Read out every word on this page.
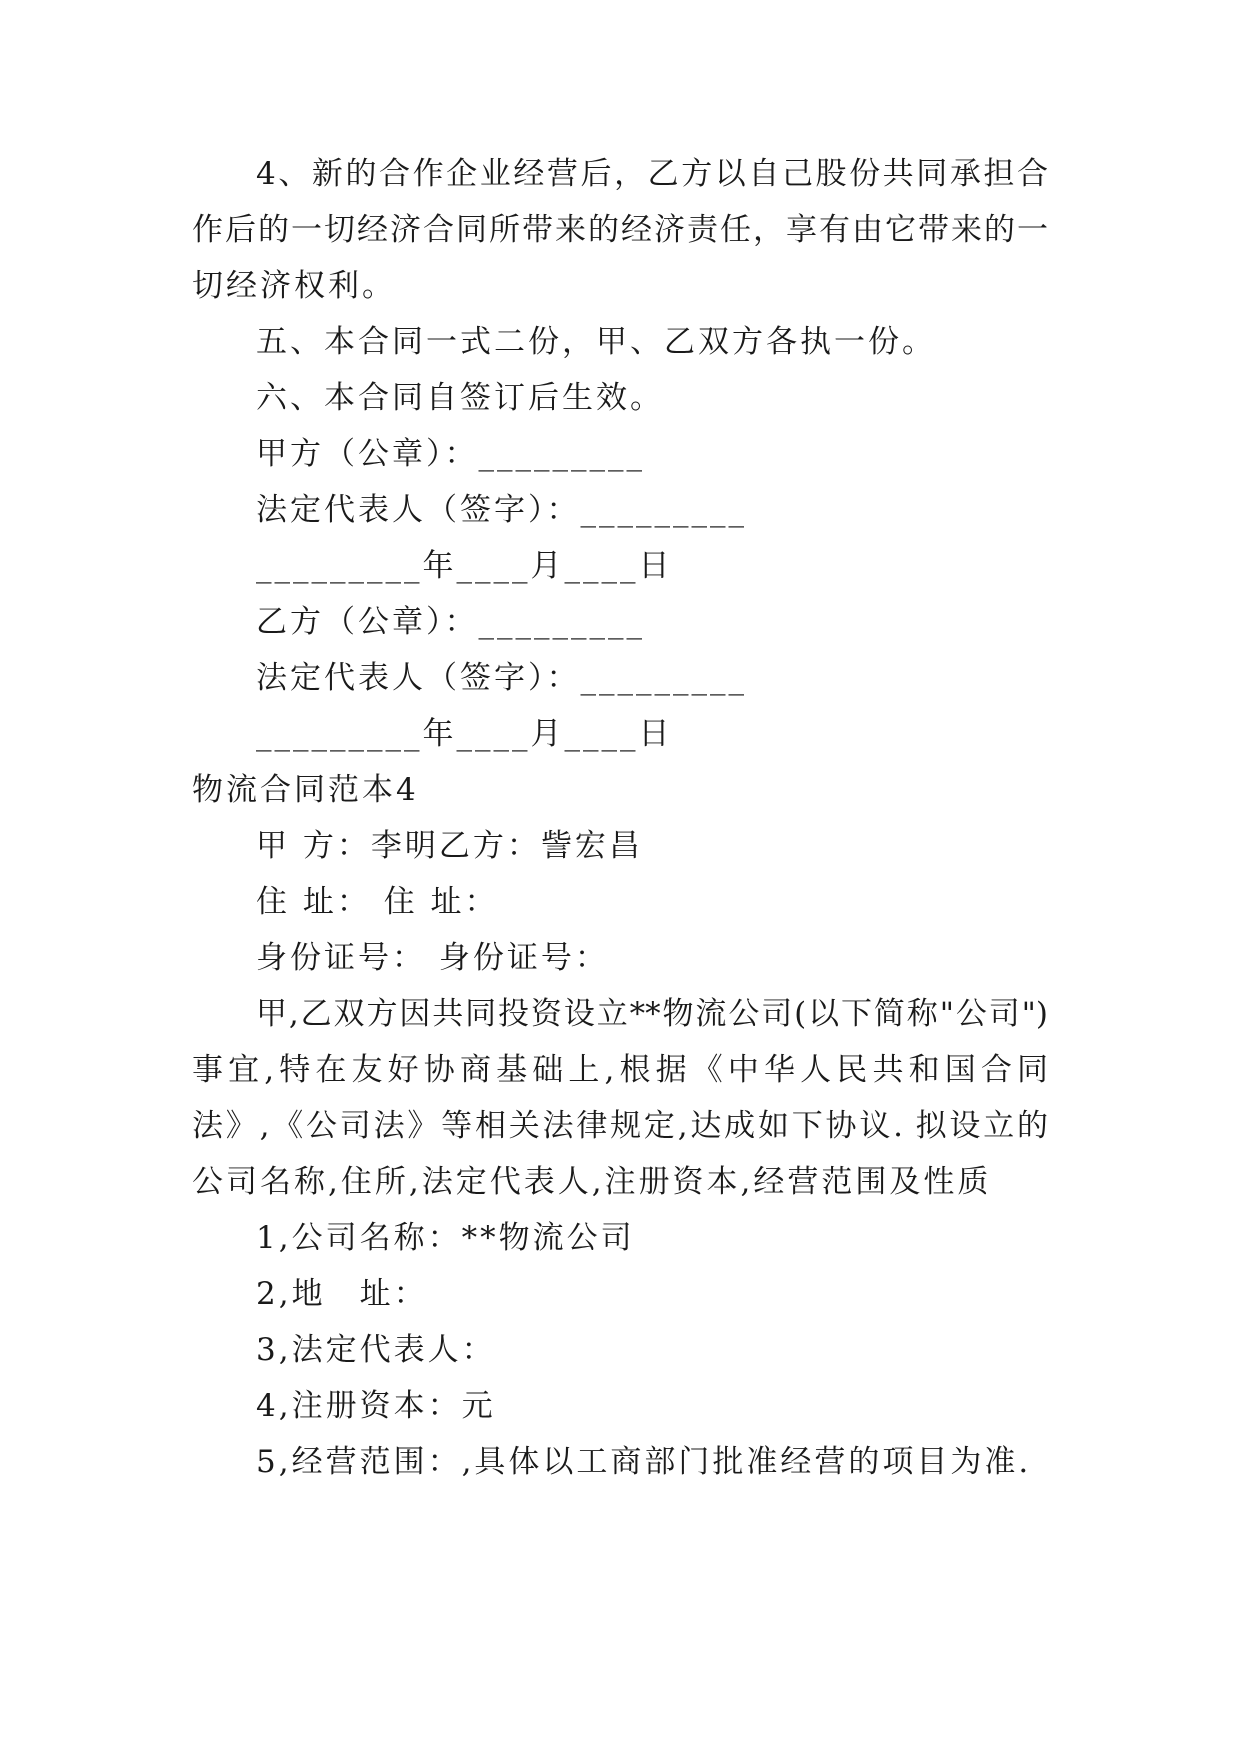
4、新的合作企业经营后，乙方以自己股份共同承担合
作后的一切经济合同所带来的经济责任，享有由它带来的一
切经济权利。
五、本合同一式二份，甲、乙双方各执一份。
六、本合同自签订后生效。
甲方（公章）：_________
法定代表人（签字）：_________
_________年____月____日
乙方（公章）：_________
法定代表人（签字）：_________
_________年____月____日
物流合同范本4
甲 方：李明乙方：訾宏昌
住 址： 住 址：
身份证号： 身份证号：
甲,乙双方因共同投资设立**物流公司(以下简称"公司")
事宜,特在友好协商基础上,根据《中华人民共和国合同
法》,《公司法》等相关法律规定,达成如下协议. 拟设立的
公司名称,住所,法定代表人,注册资本,经营范围及性质
1,公司名称：**物流公司
2,地　址：
3,法定代表人：
4,注册资本：元
5,经营范围：,具体以工商部门批准经营的项目为准.
